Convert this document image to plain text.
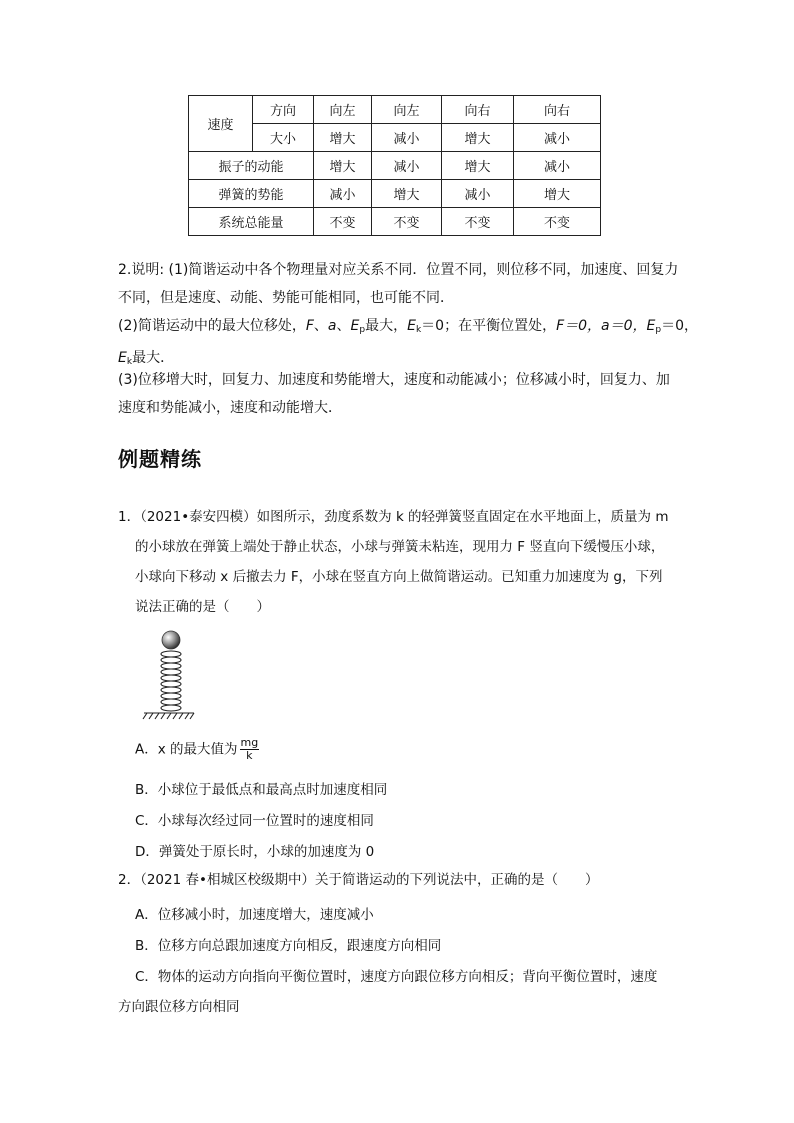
速度	方向	向左	向左	向右	向右
	大小	增大	减小	增大	减小
振子的动能		增大	减小	增大	减小
弹簧的势能		减小	增大	减小	增大
系统总能量		不变	不变	不变	不变
2.说明: (1)简谐运动中各个物理量对应关系不同．位置不同，则位移不同，加速度、回复力
不同，但是速度、动能、势能可能相同，也可能不同．
(2)简谐运动中的最大位移处，F、a、$E_p$最大，$E_k=0$；在平衡位置处，F＝0，a＝0，$E_p=0$，
$E_k$最大．
(3)位移增大时，回复力、加速度和势能增大，速度和动能减小；位移减小时，回复力、加
速度和势能减小，速度和动能增大．
例题精练
1．（2021•泰安四模）如图所示，劲度系数为 k 的轻弹簧竖直固定在水平地面上，质量为 m
的小球放在弹簧上端处于静止状态，小球与弹簧未粘连，现用力 F 竖直向下缓慢压小球，
小球向下移动 x 后撤去力 F，小球在竖直方向上做简谐运动。已知重力加速度为 g，下列
说法正确的是（　　）
A．x 的最大值为 $\frac{mg}{k}$
B．小球位于最低点和最高点时加速度相同
C．小球每次经过同一位置时的速度相同
D．弹簧处于原长时，小球的加速度为 0
2．（2021 春•相城区校级期中）关于简谐运动的下列说法中，正确的是（　　）
A．位移减小时，加速度增大，速度减小
B．位移方向总跟加速度方向相反，跟速度方向相同
C．物体的运动方向指向平衡位置时，速度方向跟位移方向相反；背向平衡位置时，速度
方向跟位移方向相同
